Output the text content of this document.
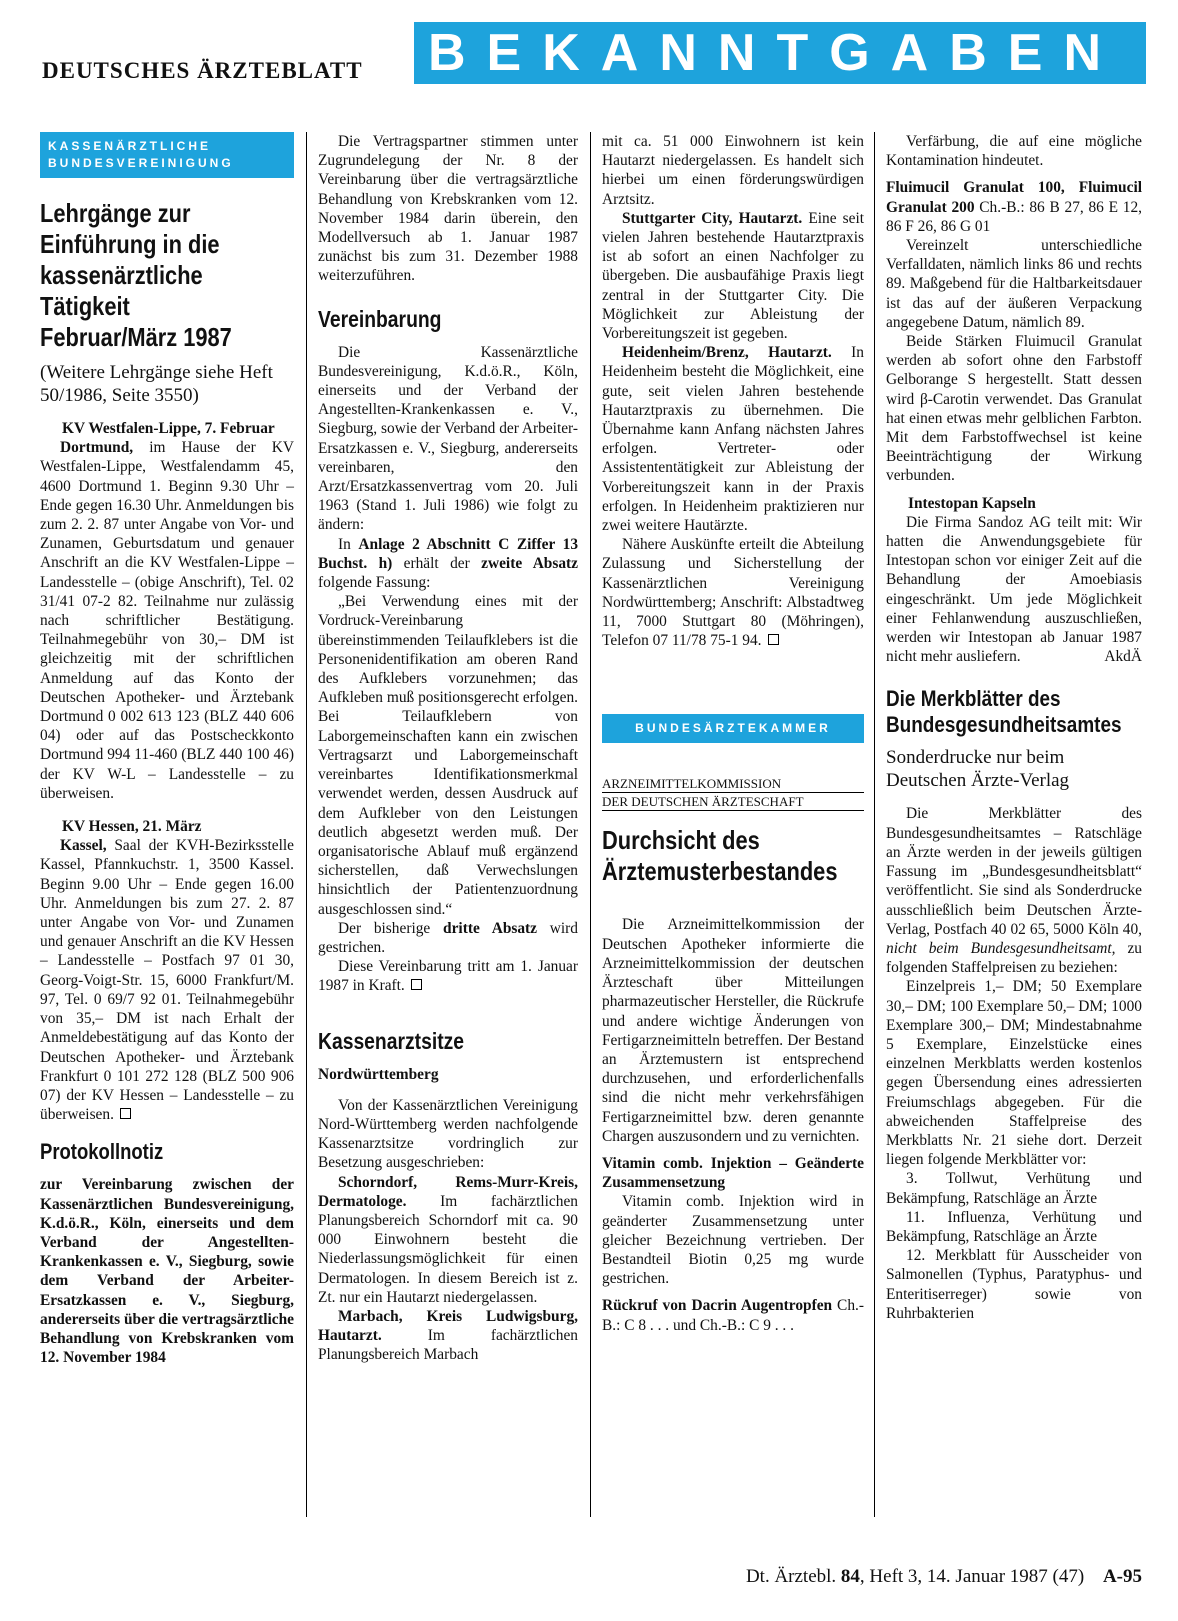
DEUTSCHES ÄRZTEBLATT BEKANNTGABEN
KASSENÄRZTLICHE
BUNDESVEREINIGUNG
Lehrgänge zur Einführung in die kassenärztliche Tätigkeit Februar/März 1987

(Weitere Lehrgänge siehe Heft 50/1986, Seite 3550)

KV Westfalen-Lippe, 7. Februar

Dortmund, im Hause der KV Westfalen-Lippe, Westfalendamm 45, 4600 Dortmund 1. Beginn 9.30 Uhr – Ende gegen 16.30 Uhr. Anmeldungen bis zum 2. 2. 87 unter Angabe von Vor- und Zunamen, Geburtsdatum und genauer Anschrift an die KV Westfalen-Lippe – Landesstelle – (obige Anschrift), Tel. 02 31/41 07-2 82. Teilnahme nur zulässig nach schriftlicher Bestätigung. Teilnahmegebühr von 30,– DM ist gleichzeitig mit der schriftlichen Anmeldung auf das Konto der Deutschen Apotheker- und Ärztebank Dortmund 0 002 613 123 (BLZ 440 606 04) oder auf das Postscheckkonto Dortmund 994 11-460 (BLZ 440 100 46) der KV W-L – Landesstelle – zu überweisen.

KV Hessen, 21. März

Kassel, Saal der KVH-Bezirksstelle Kassel, Pfannkuchstr. 1, 3500 Kassel. Beginn 9.00 Uhr – Ende gegen 16.00 Uhr. Anmeldungen bis zum 27. 2. 87 unter Angabe von Vor- und Zunamen und genauer Anschrift an die KV Hessen – Landesstelle – Postfach 97 01 30, Georg-Voigt-Str. 15, 6000 Frankfurt/M. 97, Tel. 0 69/7 92 01. Teilnahmegebühr von 35,– DM ist nach Erhalt der Anmeldebestätigung auf das Konto der Deutschen Apotheker- und Ärztebank Frankfurt 0 101 272 128 (BLZ 500 906 07) der KV Hessen – Landesstelle – zu überweisen.

Protokollnotiz

zur Vereinbarung zwischen der Kassenärztlichen Bundesvereinigung, K.d.ö.R., Köln, einerseits und dem Verband der Angestellten-Krankenkassen e. V., Siegburg, sowie dem Verband der Arbeiter-Ersatzkassen e. V., Siegburg, andererseits über die vertragsärztliche Behandlung von Krebskranken vom 12. November 1984

Die Vertragspartner stimmen unter Zugrundelegung der Nr. 8 der Vereinbarung über die vertragsärztliche Behandlung von Krebskranken vom 12. November 1984 darin überein, den Modellversuch ab 1. Januar 1987 zunächst bis zum 31. Dezember 1988 weiterzuführen.

Vereinbarung

Die Kassenärztliche Bundesvereinigung, K.d.ö.R., Köln, einerseits und der Verband der Angestellten-Krankenkassen e. V., Siegburg, sowie der Verband der Arbeiter-Ersatzkassen e. V., Siegburg, andererseits vereinbaren, den Arzt/Ersatzkassenvertrag vom 20. Juli 1963 (Stand 1. Juli 1986) wie folgt zu ändern:

In Anlage 2 Abschnitt C Ziffer 13 Buchst. h) erhält der zweite Absatz folgende Fassung:

„Bei Verwendung eines mit der Vordruck-Vereinbarung übereinstimmenden Teilaufklebers ist die Personenidentifikation am oberen Rand des Aufklebers vorzunehmen; das Aufkleben muß positionsgerecht erfolgen. Bei Teilaufklebern von Laborgemeinschaften kann ein zwischen Vertragsarzt und Laborgemeinschaft vereinbartes Identifikationsmerkmal verwendet werden, dessen Ausdruck auf dem Aufkleber von den Leistungen deutlich abgesetzt werden muß. Der organisatorische Ablauf muß ergänzend sicherstellen, daß Verwechslungen hinsichtlich der Patientenzuordnung ausgeschlossen sind.“

Der bisherige dritte Absatz wird gestrichen.

Diese Vereinbarung tritt am 1. Januar 1987 in Kraft.

Kassenarztsitze

Nordwürttemberg

Von der Kassenärztlichen Vereinigung Nord-Württemberg werden nachfolgende Kassenarztsitze vordringlich zur Besetzung ausgeschrieben:

Schorndorf, Rems-Murr-Kreis, Dermatologe. Im fachärztlichen Planungsbereich Schorndorf mit ca. 90 000 Einwohnern besteht die Niederlassungsmöglichkeit für einen Dermatologen. In diesem Bereich ist z. Zt. nur ein Hautarzt niedergelassen.

Marbach, Kreis Ludwigsburg, Hautarzt. Im fachärztlichen Planungsbereich Marbach

mit ca. 51 000 Einwohnern ist kein Hautarzt niedergelassen. Es handelt sich hierbei um einen förderungswürdigen Arztsitz.

Stuttgarter City, Hautarzt. Eine seit vielen Jahren bestehende Hautarztpraxis ist ab sofort an einen Nachfolger zu übergeben. Die ausbaufähige Praxis liegt zentral in der Stuttgarter City. Die Möglichkeit zur Ableistung der Vorbereitungszeit ist gegeben.

Heidenheim/Brenz, Hautarzt. In Heidenheim besteht die Möglichkeit, eine gute, seit vielen Jahren bestehende Hautarztpraxis zu übernehmen. Die Übernahme kann Anfang nächsten Jahres erfolgen. Vertreter- oder Assistententätigkeit zur Ableistung der Vorbereitungszeit kann in der Praxis erfolgen. In Heidenheim praktizieren nur zwei weitere Hautärzte.

Nähere Auskünfte erteilt die Abteilung Zulassung und Sicherstellung der Kassenärztlichen Vereinigung Nordwürttemberg; Anschrift: Albstadtweg 11, 7000 Stuttgart 80 (Möhringen), Telefon 07 11/78 75-1 94.

BUNDESÄRZTEKAMMER
ARZNEIMITTELKOMMISSION
DER DEUTSCHEN ÄRZTESCHAFT
Durchsicht des Ärztemusterbestandes

Die Arzneimittelkommission der Deutschen Apotheker informierte die Arzneimittelkommission der deutschen Ärzteschaft über Mitteilungen pharmazeutischer Hersteller, die Rückrufe und andere wichtige Änderungen von Fertigarzneimitteln betreffen. Der Bestand an Ärztemustern ist entsprechend durchzusehen, und erforderlichenfalls sind die nicht mehr verkehrsfähigen Fertigarzneimittel bzw. deren genannte Chargen auszusondern und zu vernichten.

Vitamin comb. Injektion – Geänderte Zusammensetzung

Vitamin comb. Injektion wird in geänderter Zusammensetzung unter gleicher Bezeichnung vertrieben. Der Bestandteil Biotin 0,25 mg wurde gestrichen.

Rückruf von Dacrin Augentropfen Ch.-B.: C 8 . . . und Ch.-B.: C 9 . . .

Verfärbung, die auf eine mögliche Kontamination hindeutet.

Fluimucil Granulat 100, Fluimucil Granulat 200 Ch.-B.: 86 B 27, 86 E 12, 86 F 26, 86 G 01

Vereinzelt unterschiedliche Verfalldaten, nämlich links 86 und rechts 89. Maßgebend für die Haltbarkeitsdauer ist das auf der äußeren Verpackung angegebene Datum, nämlich 89.

Beide Stärken Fluimucil Granulat werden ab sofort ohne den Farbstoff Gelborange S hergestellt. Statt dessen wird β-Carotin verwendet. Das Granulat hat einen etwas mehr gelblichen Farbton. Mit dem Farbstoffwechsel ist keine Beeinträchtigung der Wirkung verbunden.

Intestopan Kapseln

Die Firma Sandoz AG teilt mit: Wir hatten die Anwendungsgebiete für Intestopan schon vor einiger Zeit auf die Behandlung der Amoebiasis eingeschränkt. Um jede Möglichkeit einer Fehlanwendung auszuschließen, werden wir Intestopan ab Januar 1987 nicht mehr ausliefern.	AkdÄ

Die Merkblätter des Bundesgesundheitsamtes

Sonderdrucke nur beim Deutschen Ärzte-Verlag

Die Merkblätter des Bundesgesundheitsamtes – Ratschläge an Ärzte werden in der jeweils gültigen Fassung im „Bundesgesundheitsblatt“ veröffentlicht. Sie sind als Sonderdrucke ausschließlich beim Deutschen Ärzte-Verlag, Postfach 40 02 65, 5000 Köln 40, nicht beim Bundesgesundheitsamt, zu folgenden Staffelpreisen zu beziehen:

Einzelpreis 1,– DM; 50 Exemplare 30,– DM; 100 Exemplare 50,– DM; 1000 Exemplare 300,– DM; Mindestabnahme 5 Exemplare, Einzelstücke eines einzelnen Merkblatts werden kostenlos gegen Übersendung eines adressierten Freiumschlags abgegeben. Für die abweichenden Staffelpreise des Merkblatts Nr. 21 siehe dort. Derzeit liegen folgende Merkblätter vor:

3. Tollwut, Verhütung und Bekämpfung, Ratschläge an Ärzte

11. Influenza, Verhütung und Bekämpfung, Ratschläge an Ärzte

12. Merkblatt für Ausscheider von Salmonellen (Typhus, Paratyphus- und Enteritiserreger) sowie von Ruhrbakterien

Dt. Ärztebl. 84, Heft 3, 14. Januar 1987 (47) A-95
